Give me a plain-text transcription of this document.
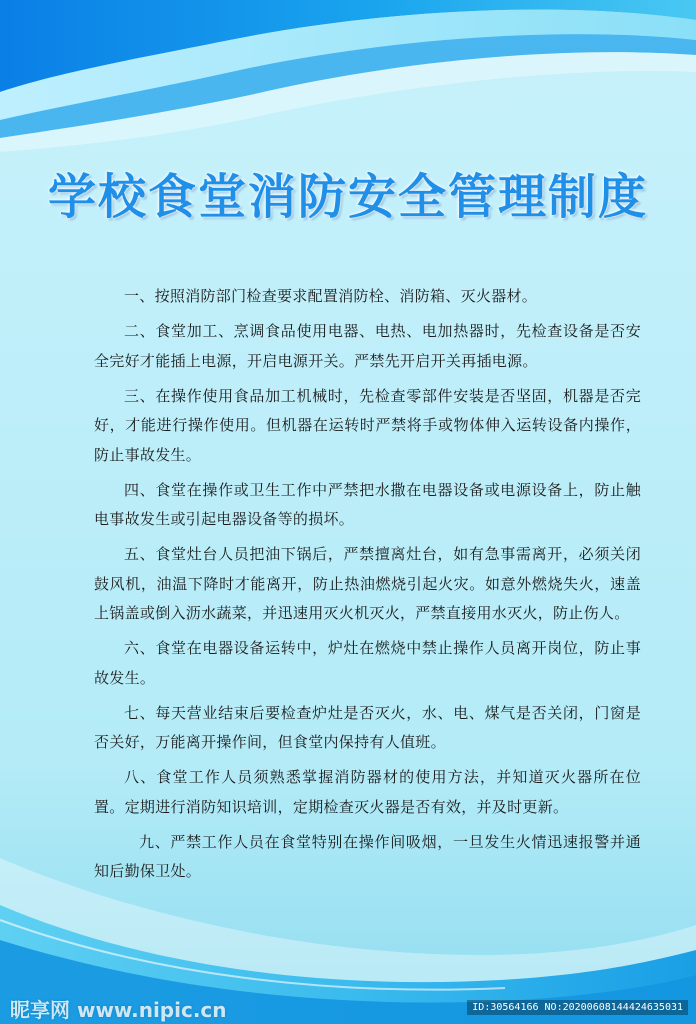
学校食堂消防安全管理制度

一、按照消防部门检查要求配置消防栓、消防箱、灭火器材。

二、食堂加工、烹调食品使用电器、电热、电加热器时，先检查设备是否安全完好才能插上电源，开启电源开关。严禁先开启开关再插电源。

三、在操作使用食品加工机械时，先检查零部件安装是否坚固，机器是否完好，才能进行操作使用。但机器在运转时严禁将手或物体伸入运转设备内操作，防止事故发生。

四、食堂在操作或卫生工作中严禁把水撒在电器设备或电源设备上，防止触电事故发生或引起电器设备等的损坏。

五、食堂灶台人员把油下锅后，严禁擅离灶台，如有急事需离开，必须关闭鼓风机，油温下降时才能离开，防止热油燃烧引起火灾。如意外燃烧失火，速盖上锅盖或倒入沥水蔬菜，并迅速用灭火机灭火，严禁直接用水灭火，防止伤人。

六、食堂在电器设备运转中，炉灶在燃烧中禁止操作人员离开岗位，防止事故发生。

七、每天营业结束后要检查炉灶是否灭火，水、电、煤气是否关闭，门窗是否关好，万能离开操作间，但食堂内保持有人值班。

八、食堂工作人员须熟悉掌握消防器材的使用方法，并知道灭火器所在位置。定期进行消防知识培训，定期检查灭火器是否有效，并及时更新。

九、严禁工作人员在食堂特别在操作间吸烟，一旦发生火情迅速报警并通知后勤保卫处。

昵享网 www.nipic.cn	ID:30564166 NO:20200608144424635031
